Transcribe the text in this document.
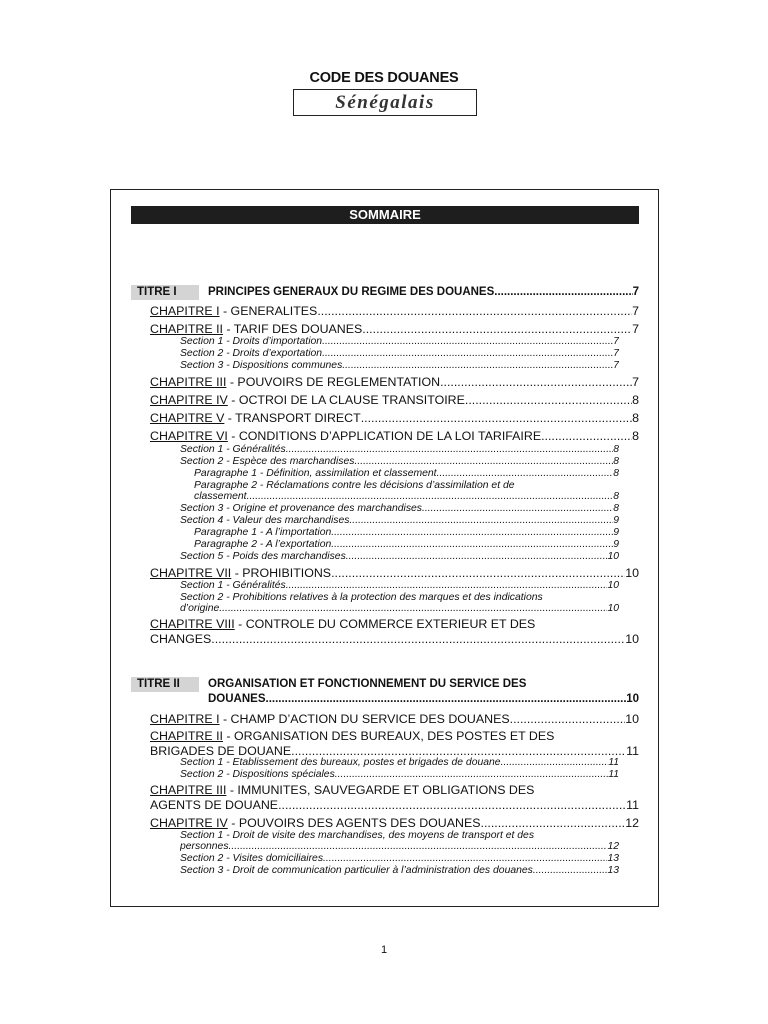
CODE DES DOUANES
Sénégalais
SOMMAIRE
TITRE I	PRINCIPES GENERAUX DU REGIME DES DOUANES .....	7
CHAPITRE I - GENERALITES .....	7
CHAPITRE II - TARIF DES DOUANES .....	7
Section 1 - Droits d’importation .....	7
Section 2 - Droits d’exportation .....	7
Section 3 - Dispositions communes .....	7
CHAPITRE III - POUVOIRS DE REGLEMENTATION .....	7
CHAPITRE IV - OCTROI DE LA CLAUSE TRANSITOIRE .....	8
CHAPITRE V - TRANSPORT DIRECT .....	8
CHAPITRE VI - CONDITIONS D’APPLICATION DE LA LOI TARIFAIRE .....	8
Section 1 - Généralités .....	8
Section 2 - Espèce des marchandises .....	8
Paragraphe 1 - Définition, assimilation et classement .....	8
Paragraphe 2 - Réclamations contre les décisions d’assimilation et de
classement .....	8
Section 3 - Origine et provenance des marchandises .....	8
Section 4 - Valeur des marchandises .....	9
Paragraphe 1 - A l’importation .....	9
Paragraphe 2 - A l’exportation .....	9
Section 5 - Poids des marchandises .....	10
CHAPITRE VII - PROHIBITIONS .....	10
Section 1 - Généralités .....	10
Section 2 - Prohibitions relatives à la protection des marques et des indications
d’origine .....	10
CHAPITRE VIII - CONTROLE DU COMMERCE EXTERIEUR ET DES
CHANGES .....	10
TITRE II	ORGANISATION ET FONCTIONNEMENT DU SERVICE DES
DOUANES .....	10
CHAPITRE I - CHAMP D’ACTION DU SERVICE DES DOUANES .....	10
CHAPITRE II - ORGANISATION DES BUREAUX, DES POSTES ET DES
BRIGADES DE DOUANE .....	11
Section 1 - Etablissement des bureaux, postes et brigades de douane .....	11
Section 2 - Dispositions spéciales .....	11
CHAPITRE III - IMMUNITES, SAUVEGARDE ET OBLIGATIONS DES
AGENTS DE DOUANE .....	11
CHAPITRE IV - POUVOIRS DES AGENTS DES DOUANES .....	12
Section 1 - Droit de visite des marchandises, des moyens de transport et des
personnes .....	12
Section 2 - Visites domiciliaires .....	13
Section 3 - Droit de communication particulier à l’administration des douanes .....	13
1
